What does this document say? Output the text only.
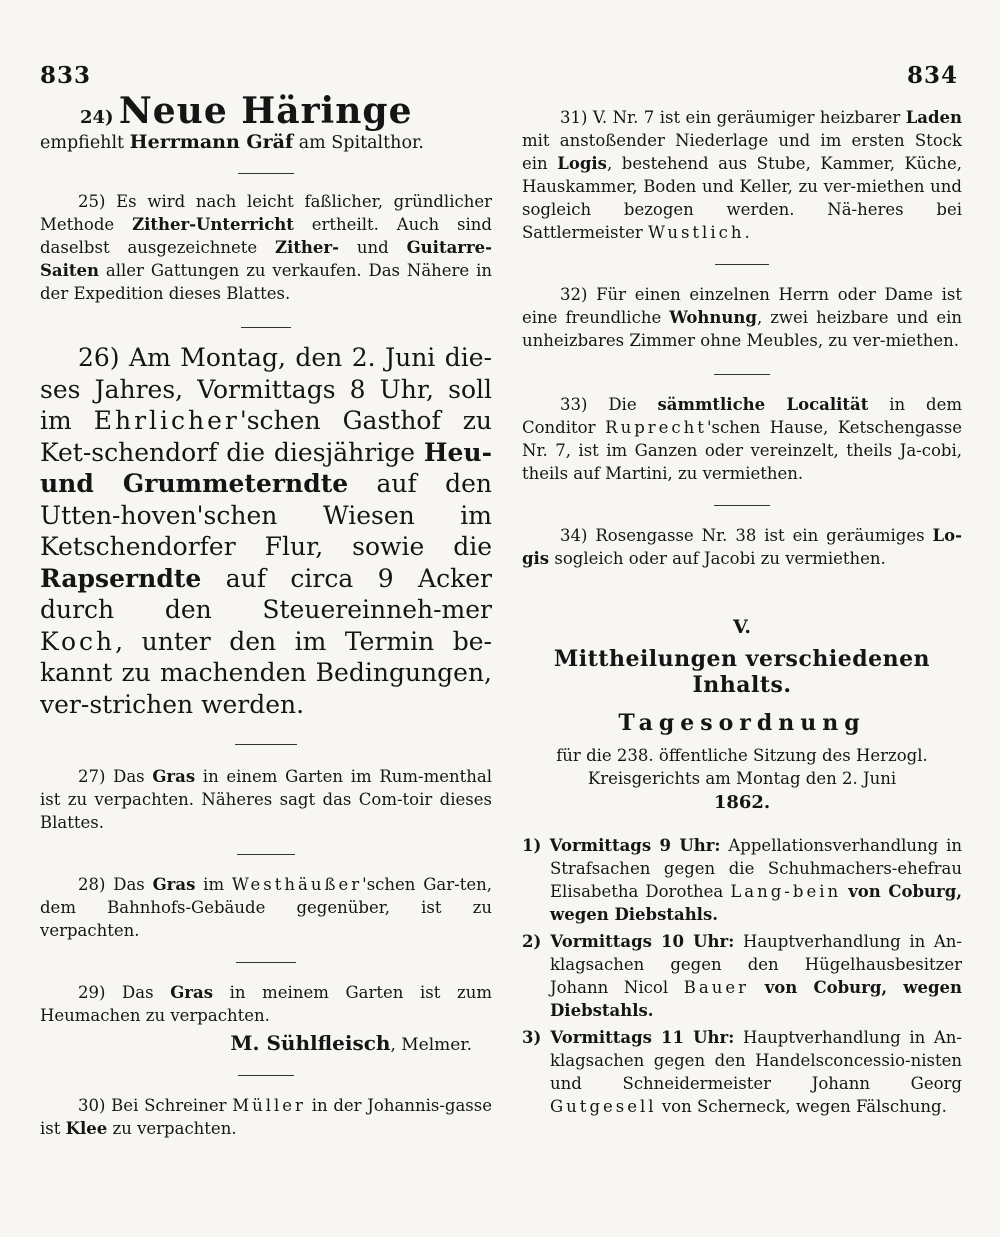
833	834
24) Neue Häringe
empfiehlt Herrmann Gräf am Spitalthor.
25) Es wird nach leicht faßlicher, gründlicher Methode Zither-Unterricht ertheilt. Auch sind daselbst ausgezeichnete Zither- und Guitarre-Saiten aller Gattungen zu verkaufen. Das Nähere in der Expedition dieses Blattes.
26) Am Montag, den 2. Juni die-ses Jahres, Vormittags 8 Uhr, soll im Ehrlicher'schen Gasthof zu Ket-schendorf die diesjährige Heu- und Grummeterndte auf den Utten-hoven'schen Wiesen im Ketschendorfer Flur, sowie die Rapserndte auf circa 9 Acker durch den Steuereinneh-mer Koch, unter den im Termin be-kannt zu machenden Bedingungen, ver-strichen werden.
27) Das Gras in einem Garten im Rum-menthal ist zu verpachten. Näheres sagt das Com-toir dieses Blattes.
28) Das Gras im Westhäußer'schen Gar-ten, dem Bahnhofs-Gebäude gegenüber, ist zu verpachten.
29) Das Gras in meinem Garten ist zum Heumachen zu verpachten.
M. Sühlfleisch, Melmer.
30) Bei Schreiner Müller in der Johannis-gasse ist Klee zu verpachten.
31) V. Nr. 7 ist ein geräumiger heizbarer Laden mit anstoßender Niederlage und im ersten Stock ein Logis, bestehend aus Stube, Kammer, Küche, Hauskammer, Boden und Keller, zu ver-miethen und sogleich bezogen werden. Nä-heres bei Sattlermeister Wustlich.
32) Für einen einzelnen Herrn oder Dame ist eine freundliche Wohnung, zwei heizbare und ein unheizbares Zimmer ohne Meubles, zu ver-miethen.
33) Die sämmtliche Localität in dem Conditor Ruprecht'schen Hause, Ketschengasse Nr. 7, ist im Ganzen oder vereinzelt, theils Ja-cobi, theils auf Martini, zu vermiethen.
34) Rosengasse Nr. 38 ist ein geräumiges Lo-gis sogleich oder auf Jacobi zu vermiethen.
V.
Mittheilungen verschiedenen Inhalts.
Tagesordnung
für die 238. öffentliche Sitzung des Herzogl. Kreisgerichts am Montag den 2. Juni
1862.
1) Vormittags 9 Uhr: Appellationsverhandlung in Strafsachen gegen die Schuhmachers-ehefrau Elisabetha Dorothea Lang-bein von Coburg, wegen Diebstahls.
2) Vormittags 10 Uhr: Hauptverhandlung in An-klagsachen gegen den Hügelhausbesitzer Johann Nicol Bauer von Coburg, wegen Diebstahls.
3) Vormittags 11 Uhr: Hauptverhandlung in An-klagsachen gegen den Handelsconcessio-nisten und Schneidermeister Johann Georg Gutgesell von Scherneck, wegen Fälschung.
